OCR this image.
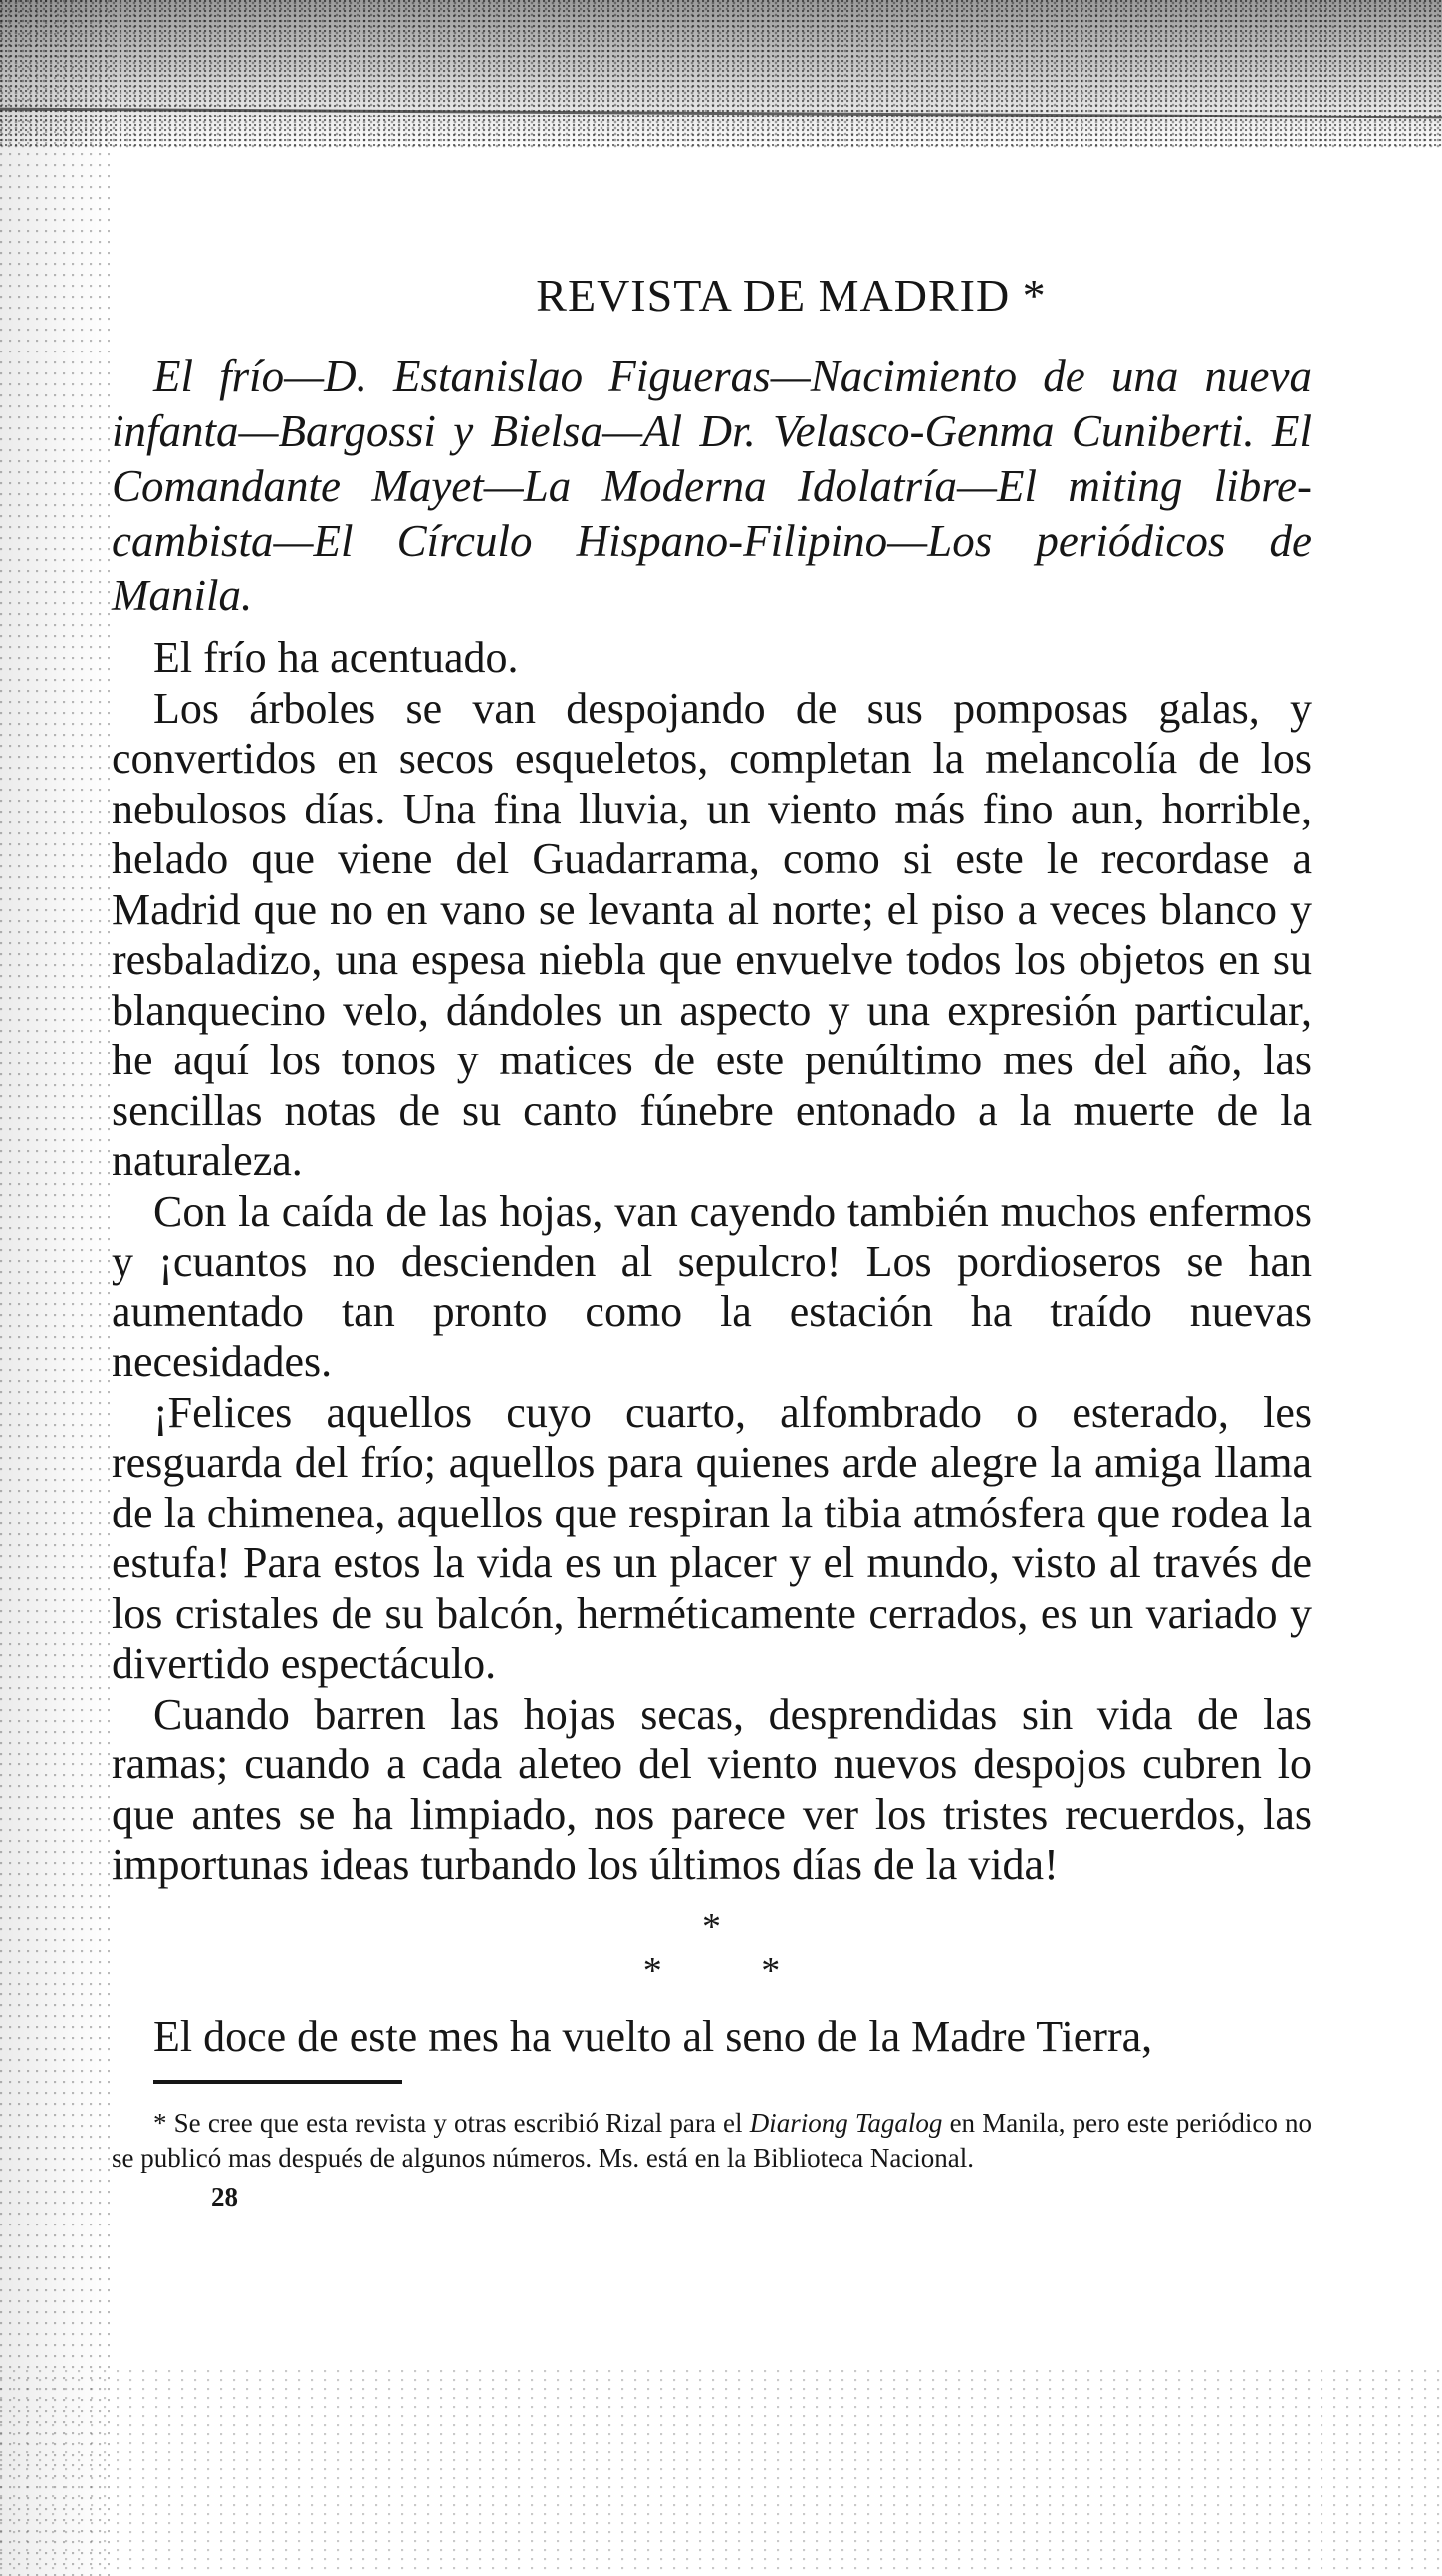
REVISTA DE MADRID *

El frío—D. Estanislao Figueras—Nacimiento de una nueva infanta—Bargossi y Bielsa—Al Dr. Velasco-Genma Cuniberti. El Comandante Mayet—La Moderna Idolatría—El miting libre-cambista—El Círculo Hispano-Filipino—Los periódicos de Manila.

El frío ha acentuado.

Los árboles se van despojando de sus pomposas galas, y convertidos en secos esqueletos, completan la melancolía de los nebulosos días. Una fina lluvia, un viento más fino aun, horrible, helado que viene del Guadarrama, como si este le recordase a Madrid que no en vano se levanta al norte; el piso a veces blanco y resbaladizo, una espesa niebla que envuelve todos los objetos en su blanquecino velo, dándoles un aspecto y una expresión particular, he aquí los tonos y matices de este penúltimo mes del año, las sencillas notas de su canto fúnebre entonado a la muerte de la naturaleza.

Con la caída de las hojas, van cayendo también muchos enfermos y ¡cuantos no descienden al sepulcro! Los pordioseros se han aumentado tan pronto como la estación ha traído nuevas necesidades.

¡Felices aquellos cuyo cuarto, alfombrado o esterado, les resguarda del frío; aquellos para quienes arde alegre la amiga llama de la chimenea, aquellos que respiran la tibia atmósfera que rodea la estufa! Para estos la vida es un placer y el mundo, visto al través de los cristales de su balcón, herméticamente cerrados, es un variado y divertido espectáculo.

Cuando barren las hojas secas, desprendidas sin vida de las ramas; cuando a cada aleteo del viento nuevos despojos cubren lo que antes se ha limpiado, nos parece ver los tristes recuerdos, las importunas ideas turbando los últimos días de la vida!

*
* *

El doce de este mes ha vuelto al seno de la Madre Tierra,

* Se cree que esta revista y otras escribió Rizal para el Diariong Tagalog en Manila, pero este periódico no se publicó mas después de algunos números. Ms. está en la Biblioteca Nacional.

28
